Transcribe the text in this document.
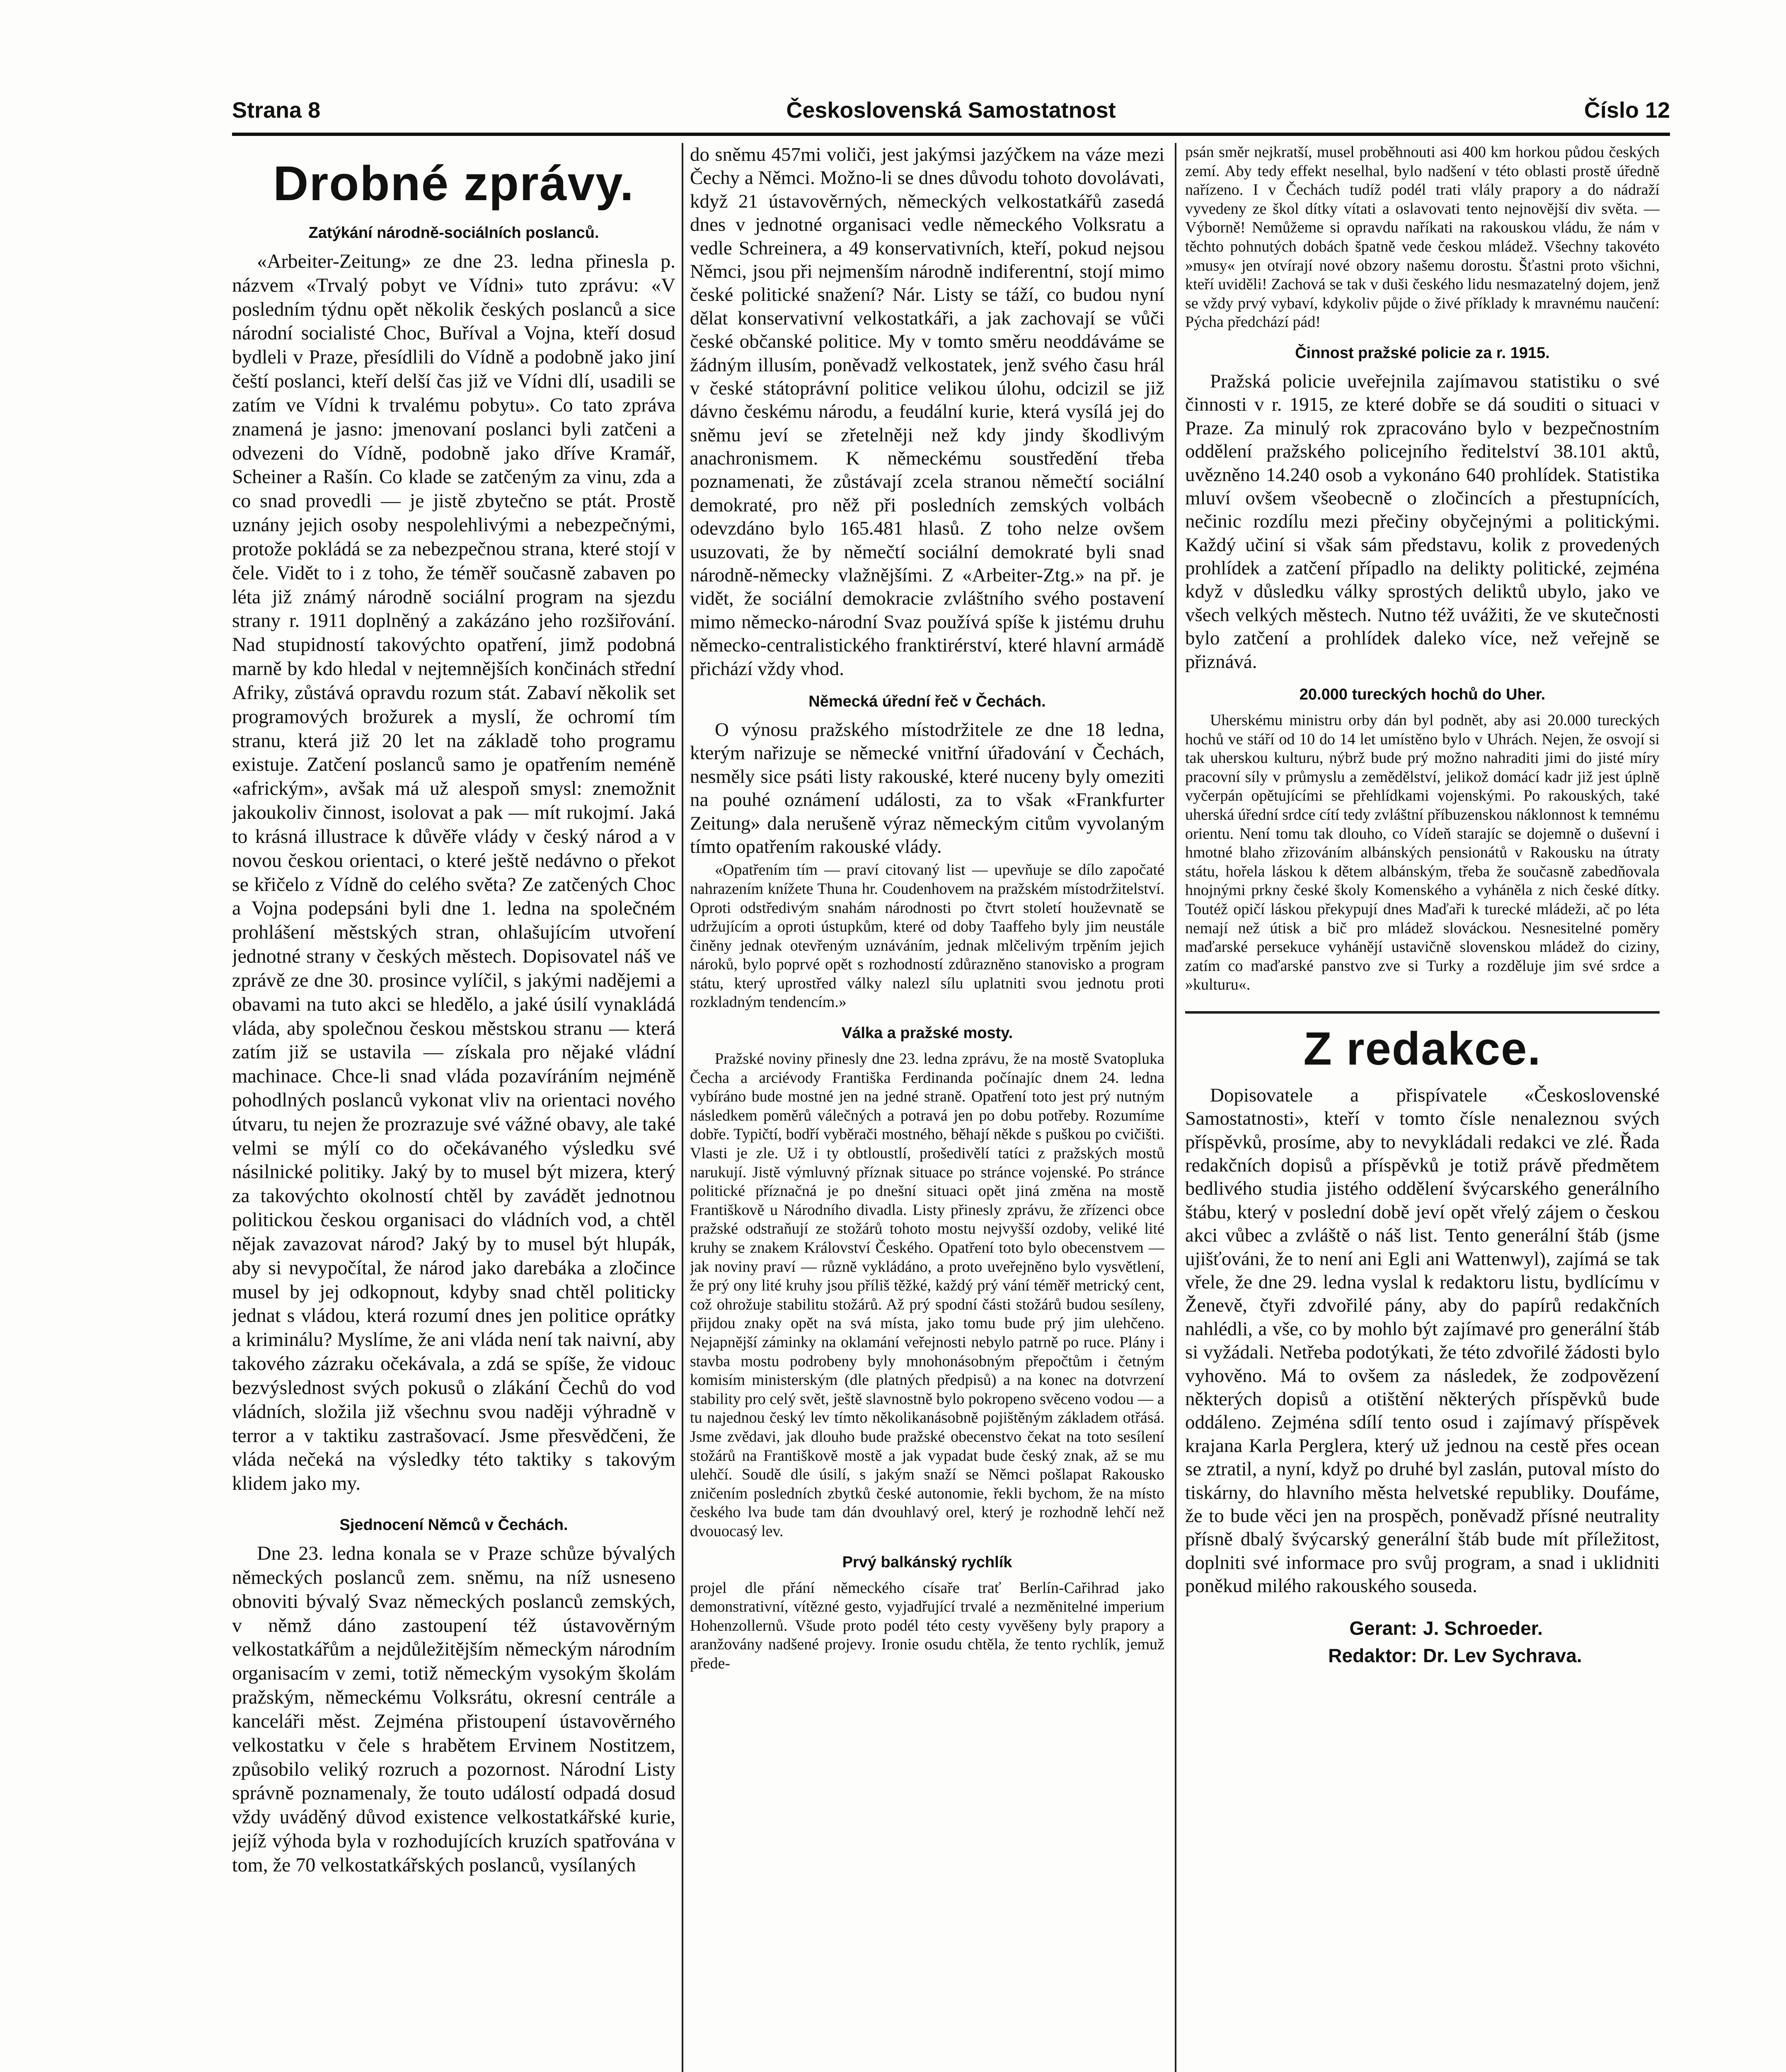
Strana 8	Československá Samostatnost	Číslo 12
Drobné zprávy.
Zatýkání národně-sociálních poslanců.

«Arbeiter-Zeitung» ze dne 23. ledna přinesla p. názvem «Trvalý pobyt ve Vídni» tuto zprávu: «V posledním týdnu opět několik českých poslanců a sice národní socialisté Choc, Buříval a Vojna, kteří dosud bydleli v Praze, přesídlili do Vídně a podobně jako jiní čeští poslanci, kteří delší čas již ve Vídni dlí, usadili se zatím ve Vídni k trvalému pobytu». Co tato zpráva znamená je jasno: jmenovaní poslanci byli zatčeni a odvezeni do Vídně, podobně jako dříve Kramář, Scheiner a Rašín. Co klade se zatčeným za vinu, zda a co snad provedli — je jistě zbytečno se ptát. Prostě uznány jejich osoby nespolehlivými a nebezpečnými, protože pokládá se za nebezpečnou strana, které stojí v čele. Vidět to i z toho, že téměř současně zabaven po léta již známý národně sociální program na sjezdu strany r. 1911 doplněný a zakázáno jeho rozšiřování. Nad stupidností takovýchto opatření, jimž podobná marně by kdo hledal v nejtemnějších končinách střední Afriky, zůstává opravdu rozum stát. Zabaví několik set programových brožurek a myslí, že ochromí tím stranu, která již 20 let na základě toho programu existuje. Zatčení poslanců samo je opatřením neméně «africkým», avšak má už alespoň smysl: znemožnit jakoukoliv činnost, isolovat a pak — mít rukojmí. Jaká to krásná illustrace k důvěře vlády v český národ a v novou českou orientaci, o které ještě nedávno o překot se křičelo z Vídně do celého světa? Ze zatčených Choc a Vojna podepsáni byli dne 1. ledna na společném prohlášení městských stran, ohlašujícím utvoření jednotné strany v českých městech. Dopisovatel náš ve zprávě ze dne 30. prosince vylíčil, s jakými nadějemi a obavami na tuto akci se hledělo, a jaké úsilí vynakládá vláda, aby společnou českou městskou stranu — která zatím již se ustavila — získala pro nějaké vládní machinace. Chce-li snad vláda pozavíráním nejméně pohodlných poslanců vykonat vliv na orientaci nového útvaru, tu nejen že prozrazuje své vážné obavy, ale také velmi se mýlí co do očekávaného výsledku své násilnické politiky. Jaký by to musel být mizera, který za takovýchto okolností chtěl by zavádět jednotnou politickou českou organisaci do vládních vod, a chtěl nějak zavazovat národ? Jaký by to musel být hlupák, aby si nevypočítal, že národ jako darebáka a zločince musel by jej odkopnout, kdyby snad chtěl politicky jednat s vládou, která rozumí dnes jen politice oprátky a kriminálu? Myslíme, že ani vláda není tak naivní, aby takového zázraku očekávala, a zdá se spíše, že vidouc bezvýslednost svých pokusů o zlákání Čechů do vod vládních, složila již všechnu svou naději výhradně v terror a v taktiku zastrašovací. Jsme přesvědčeni, že vláda nečeká na výsledky této taktiky s takovým klidem jako my.

Sjednocení Němců v Čechách.

Dne 23. ledna konala se v Praze schůze bývalých německých poslanců zem. sněmu, na níž usneseno obnoviti bývalý Svaz německých poslanců zemských, v němž dáno zastoupení též ústavověrným velkostatkářům a nejdůležitějším německým národním organisacím v zemi, totiž německým vysokým školám pražským, německému Volksrátu, okresní centrále a kanceláři měst. Zejména přistoupení ústavověrného velkostatku v čele s hrabětem Ervinem Nostitzem, způsobilo veliký rozruch a pozornost. Národní Listy správně poznamenaly, že touto událostí odpadá dosud vždy uváděný důvod existence velkostatkářské kurie, jejíž výhoda byla v rozhodujících kruzích spatřována v tom, že 70 velkostatkářských poslanců, vysílaných

do sněmu 457mi voliči, jest jakýmsi jazýčkem na váze mezi Čechy a Němci. Možno-li se dnes důvodu tohoto dovolávati, když 21 ústavověrných, německých velkostatkářů zasedá dnes v jednotné organisaci vedle německého Volksratu a vedle Schreinera, a 49 konservativních, kteří, pokud nejsou Němci, jsou při nejmenším národně indiferentní, stojí mimo české politické snažení? Nár. Listy se táží, co budou nyní dělat konservativní velkostatkáři, a jak zachovají se vůči české občanské politice. My v tomto směru neoddáváme se žádným illusím, poněvadž velkostatek, jenž svého času hrál v české státoprávní politice velikou úlohu, odcizil se již dávno českému národu, a feudální kurie, která vysílá jej do sněmu jeví se zřetelněji než kdy jindy škodlivým anachronismem. K německému soustředění třeba poznamenati, že zůstávají zcela stranou němečtí sociální demokraté, pro něž při posledních zemských volbách odevzdáno bylo 165.481 hlasů. Z toho nelze ovšem usuzovati, že by němečtí sociální demokraté byli snad národně-německy vlažnějšími. Z «Arbeiter-Ztg.» na př. je vidět, že sociální demokracie zvláštního svého postavení mimo německo-národní Svaz používá spíše k jistému druhu německo-centralistického franktirérství, které hlavní armádě přichází vždy vhod.

Německá úřední řeč v Čechách.

O výnosu pražského místodržitele ze dne 18 ledna, kterým nařizuje se německé vnitřní úřadování v Čechách, nesměly sice psáti listy rakouské, které nuceny byly omeziti na pouhé oznámení události, za to však «Frankfurter Zeitung» dala nerušeně výraz německým citům vyvolaným tímto opatřením rakouské vlády.

«Opatřením tím — praví citovaný list — upevňuje se dílo započaté nahrazením knížete Thuna hr. Coudenhovem na pražském místodržitelství. Oproti odstředivým snahám národnosti po čtvrt století houževnatě se udržujícím a oproti ústupkům, které od doby Taaffeho byly jim neustále činěny jednak otevřeným uznáváním, jednak mlčelivým trpěním jejich nároků, bylo poprvé opět s rozhodností zdůrazněno stanovisko a program státu, který uprostřed války nalezl sílu uplatniti svou jednotu proti rozkladným tendencím.»

Válka a pražské mosty.

Pražské noviny přinesly dne 23. ledna zprávu, že na mostě Svatopluka Čecha a arciévody Františka Ferdinanda počínajíc dnem 24. ledna vybíráno bude mostné jen na jedné straně. Opatření toto jest prý nutným následkem poměrů válečných a potravá jen po dobu potřeby. Rozumíme dobře. Typičtí, bodří vyběrači mostného, běhají někde s puškou po cvičišti. Vlasti je zle. Už i ty obtloustlí, prošedivělí tatíci z pražských mostů narukují. Jistě výmluvný příznak situace po stránce vojenské. Po stránce politické příznačná je po dnešní situaci opět jiná změna na mostě Františkově u Národního divadla. Listy přinesly zprávu, že zřízenci obce pražské odstraňují ze stožárů tohoto mostu nejvyšší ozdoby, veliké lité kruhy se znakem Království Českého. Opatření toto bylo obecenstvem — jak noviny praví — různě vykládáno, a proto uveřejněno bylo vysvětlení, že prý ony lité kruhy jsou příliš těžké, každý prý vání téměř metrický cent, což ohrožuje stabilitu stožárů. Až prý spodní části stožárů budou sesíleny, přijdou znaky opět na svá místa, jako tomu bude prý jim ulehčeno. Nejapnější záminky na oklamání veřejnosti nebylo patrně po ruce. Plány i stavba mostu podrobeny byly mnohonásobným přepočtům i četným komisím ministerským (dle platných předpisů) a na konec na dotvrzení stability pro celý svět, ještě slavnostně bylo pokropeno svěceno vodou — a tu najednou český lev tímto několikanásobně pojištěným základem otřásá. Jsme zvědavi, jak dlouho bude pražské obecenstvo čekat na toto sesílení stožárů na Františkově mostě a jak vypadat bude český znak, až se mu ulehčí. Soudě dle úsilí, s jakým snaží se Němci pošlapat Rakousko zničením posledních zbytků české autonomie, řekli bychom, že na místo českého lva bude tam dán dvouhlavý orel, který je rozhodně lehčí než dvouocasý lev.

Prvý balkánský rychlík

projel dle přání německého císaře trať Berlín-Cařihrad jako demonstrativní, vítězné gesto, vyjadřující trvalé a nezměnitelné imperium Hohenzollernů. Všude proto podél této cesty vyvěšeny byly prapory a aranžovány nadšené projevy. Ironie osudu chtěla, že tento rychlík, jemuž přede-

psán směr nejkratší, musel proběhnouti asi 400 km horkou půdou českých zemí. Aby tedy effekt neselhal, bylo nadšení v této oblasti prostě úředně nařízeno. I v Čechách tudíž podél trati vlály prapory a do nádraží vyvedeny ze škol dítky vítati a oslavovati tento nejnovější div světa. — Výborně! Nemůžeme si opravdu naříkati na rakouskou vládu, že nám v těchto pohnutých dobách špatně vede českou mládež. Všechny takovéto »musy« jen otvírají nové obzory našemu dorostu. Šťastni proto všichni, kteří uviděli! Zachová se tak v duši českého lidu nesmazatelný dojem, jenž se vždy prvý vybaví, kdykoliv půjde o živé příklady k mravnému naučení: Pýcha předchází pád!

Činnost pražské policie za r. 1915.

Pražská policie uveřejnila zajímavou statistiku o své činnosti v r. 1915, ze které dobře se dá souditi o situaci v Praze. Za minulý rok zpracováno bylo v bezpečnostním oddělení pražského policejního ředitelství 38.101 aktů, uvězněno 14.240 osob a vykonáno 640 prohlídek. Statistika mluví ovšem všeobecně o zločincích a přestupnících, nečinic rozdílu mezi přečiny obyčejnými a politickými. Každý učiní si však sám představu, kolik z provedených prohlídek a zatčení případlo na delikty politické, zejména když v důsledku války sprostých deliktů ubylo, jako ve všech velkých městech. Nutno též uvážiti, že ve skutečnosti bylo zatčení a prohlídek daleko více, než veřejně se přiznává.

20.000 tureckých hochů do Uher.

Uherskému ministru orby dán byl podnět, aby asi 20.000 tureckých hochů ve stáří od 10 do 14 let umístěno bylo v Uhrách. Nejen, že osvojí si tak uherskou kulturu, nýbrž bude prý možno nahraditi jimi do jisté míry pracovní síly v průmyslu a zemědělství, jelikož domácí kadr již jest úplně vyčerpán opětujícími se přehlídkami vojenskými. Po rakouských, také uherská úřední srdce cítí tedy zvláštní příbuzenskou náklonnost k temnému orientu. Není tomu tak dlouho, co Vídeň starajíc se dojemně o duševní i hmotné blaho zřizováním albánských pensionátů v Rakousku na útraty státu, hořela láskou k dětem albánským, třeba že současně zabedňovala hnojnými prkny české školy Komenského a vyháněla z nich české dítky. Toutéž opičí láskou překypují dnes Maďaři k turecké mládeži, ač po léta nemají než útisk a bič pro mládež slováckou. Nesnesitelné poměry maďarské persekuce vyhánějí ustavičně slovenskou mládež do ciziny, zatím co maďarské panstvo zve si Turky a rozděluje jim své srdce a »kulturu«.

Z redakce.

Dopisovatele a přispívatele «Československé Samostatnosti», kteří v tomto čísle nenaleznou svých příspěvků, prosíme, aby to nevykládali redakci ve zlé. Řada redakčních dopisů a příspěvků je totiž právě předmětem bedlivého studia jistého oddělení švýcarského generálního štábu, který v poslední době jeví opět vřelý zájem o českou akci vůbec a zvláště o náš list. Tento generální štáb (jsme ujišťováni, že to není ani Egli ani Wattenwyl), zajímá se tak vřele, že dne 29. ledna vyslal k redaktoru listu, bydlícímu v Ženevě, čtyři zdvořilé pány, aby do papírů redakčních nahlédli, a vše, co by mohlo být zajímavé pro generální štáb si vyžádali. Netřeba podotýkati, že této zdvořilé žádosti bylo vyhověno. Má to ovšem za následek, že zodpovězení některých dopisů a otištění některých příspěvků bude oddáleno. Zejména sdílí tento osud i zajímavý příspěvek krajana Karla Perglera, který už jednou na cestě přes ocean se ztratil, a nyní, když po druhé byl zaslán, putoval místo do tiskárny, do hlavního města helvetské republiky. Doufáme, že to bude věci jen na prospěch, poněvadž přísné neutrality přísně dbalý švýcarský generální štáb bude mít příležitost, doplniti své informace pro svůj program, a snad i uklidniti poněkud milého rakouského souseda.

Gerant: J. Schroeder.
Redaktor: Dr. Lev Sychrava.
